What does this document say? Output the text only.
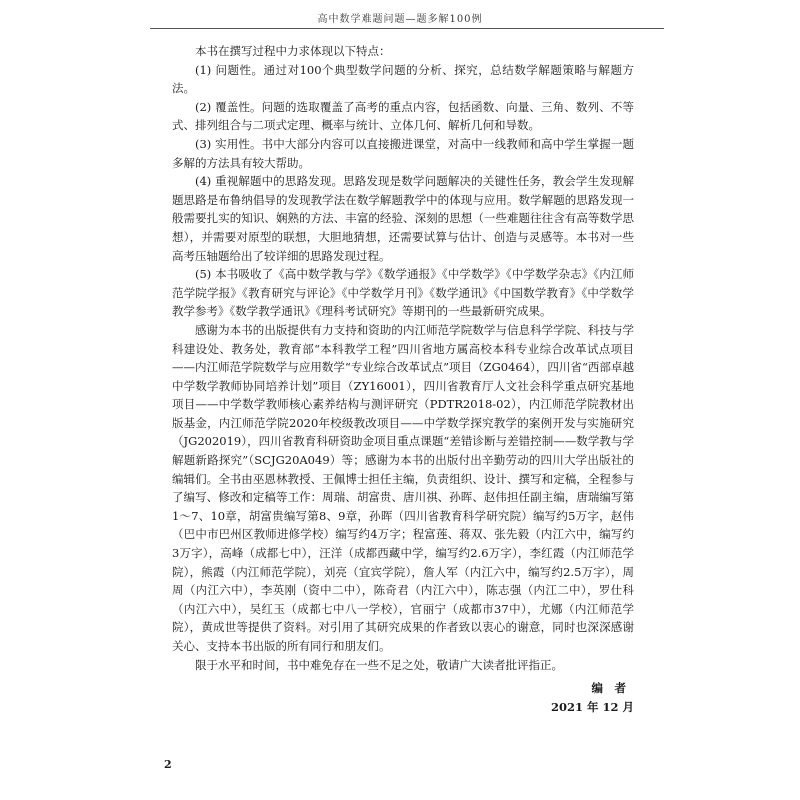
高中数学难题问题—题多解100例

本书在撰写过程中力求体现以下特点：

(1) 问题性。通过对100个典型数学问题的分析、探究，总结数学解题策略与解题方法。

(2) 覆盖性。问题的选取覆盖了高考的重点内容，包括函数、向量、三角、数列、不等式、排列组合与二项式定理、概率与统计、立体几何、解析几何和导数。

(3) 实用性。书中大部分内容可以直接搬进课堂，对高中一线教师和高中学生掌握一题多解的方法具有较大帮助。

(4) 重视解题中的思路发现。思路发现是数学问题解决的关键性任务，教会学生发现解题思路是布鲁纳倡导的发现教学法在数学解题教学中的体现与应用。数学解题的思路发现一般需要扎实的知识、娴熟的方法、丰富的经验、深刻的思想（一些难题往往含有高等数学思想），并需要对原型的联想，大胆地猜想，还需要试算与估计、创造与灵感等。本书对一些高考压轴题给出了较详细的思路发现过程。

(5) 本书吸收了《高中数学教与学》《数学通报》《中学数学》《中学数学杂志》《内江师范学院学报》《教育研究与评论》《中学数学月刊》《数学通讯》《中国数学教育》《中学数学教学参考》《数学教学通讯》《理科考试研究》等期刊的一些最新研究成果。

感谢为本书的出版提供有力支持和资助的内江师范学院数学与信息科学学院、科技与学科建设处、教务处，教育部“本科教学工程”四川省地方属高校本科专业综合改革试点项目——内江师范学院数学与应用数学“专业综合改革试点”项目（ZG0464），四川省“西部卓越中学数学教师协同培养计划”项目（ZY16001），四川省教育厅人文社会科学重点研究基地项目——中学数学教师核心素养结构与测评研究（PDTR2018-02），内江师范学院教材出版基金，内江师范学院2020年校级教改项目——中学数学探究教学的案例开发与实施研究（JG202019），四川省教育科研资助金项目重点课题“差错诊断与差错控制——数学教与学解题新路探究”（SCJG20A049）等；感谢为本书的出版付出辛勤劳动的四川大学出版社的编辑们。全书由巫恩林教授、王佩博士担任主编，负责组织、设计、撰写和定稿，全程参与了编写、修改和定稿等工作：周瑞、胡富贵、唐川祺、孙晖、赵伟担任副主编，唐瑞编写第1～7、10章，胡富贵编写第8、9章，孙晖（四川省教育科学研究院）编写约5万字，赵伟（巴中市巴州区教师进修学校）编写约4万字；程富莲、蒋双、张先毅（内江六中，编写约3万字），高峰（成都七中），汪洋（成都西藏中学，编写约2.6万字），李红霞（内江师范学院），熊霞（内江师范学院），刘亮（宜宾学院），詹人军（内江六中，编写约2.5万字），周周（内江六中），李英刚（资中二中），陈奇君（内江六中），陈志强（内江二中），罗仕科（内江六中），吴红玉（成都七中八一学校），官丽宁（成都市37中），尤娜（内江师范学院），黄成世等提供了资料。对引用了其研究成果的作者致以衷心的谢意，同时也深深感谢关心、支持本书出版的所有同行和朋友们。

限于水平和时间，书中难免存在一些不足之处，敬请广大读者批评指正。

编　者
2021 年 12 月
2
